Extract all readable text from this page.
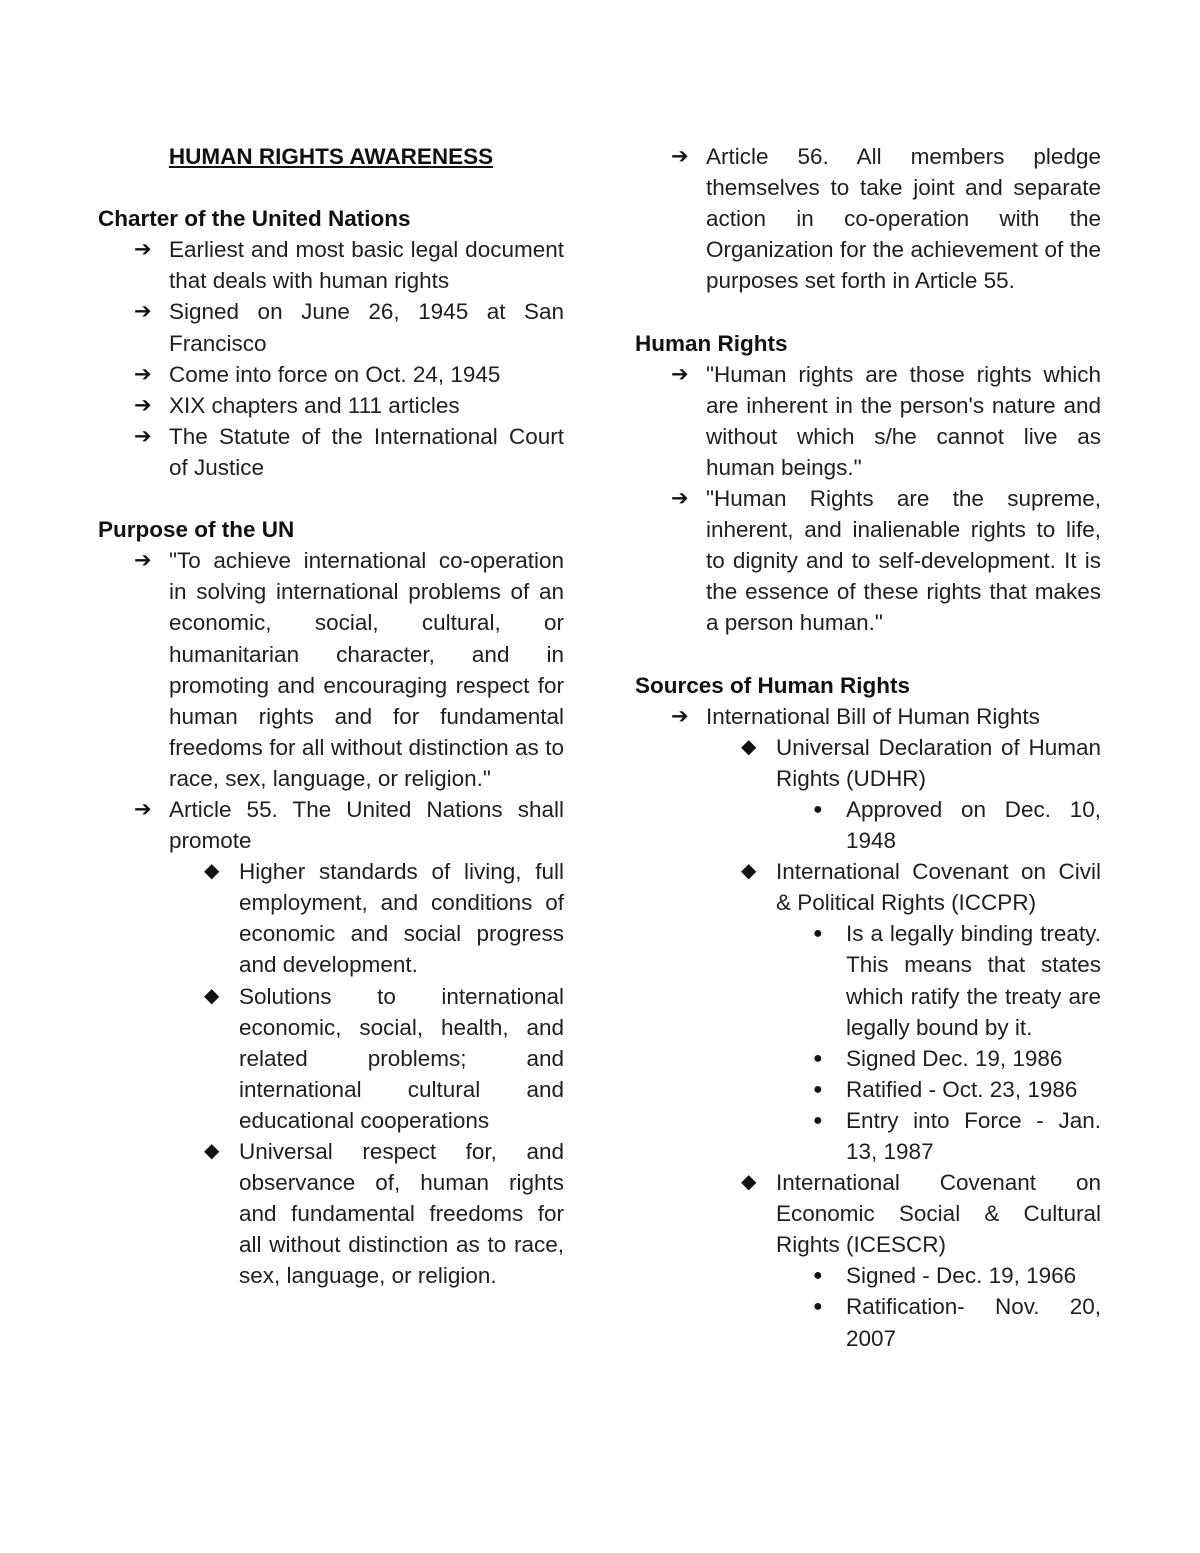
HUMAN RIGHTS AWARENESS
Charter of the United Nations
➔ Earliest and most basic legal document that deals with human rights
➔ Signed on June 26, 1945 at San Francisco
➔ Come into force on Oct. 24, 1945
➔ XIX chapters and 111 articles
➔ The Statute of the International Court of Justice
Purpose of the UN
➔ "To achieve international co-operation in solving international problems of an economic, social, cultural, or humanitarian character, and in promoting and encouraging respect for human rights and for fundamental freedoms for all without distinction as to race, sex, language, or religion."
➔ Article 55. The United Nations shall promote
◆ Higher standards of living, full employment, and conditions of economic and social progress and development.
◆ Solutions to international economic, social, health, and related problems; and international cultural and educational cooperations
◆ Universal respect for, and observance of, human rights and fundamental freedoms for all without distinction as to race, sex, language, or religion.
➔ Article 56. All members pledge themselves to take joint and separate action in co-operation with the Organization for the achievement of the purposes set forth in Article 55.
Human Rights
➔ "Human rights are those rights which are inherent in the person's nature and without which s/he cannot live as human beings."
➔ "Human Rights are the supreme, inherent, and inalienable rights to life, to dignity and to self-development. It is the essence of these rights that makes a person human."
Sources of Human Rights
➔ International Bill of Human Rights
◆ Universal Declaration of Human Rights (UDHR)
● Approved on Dec. 10, 1948
◆ International Covenant on Civil & Political Rights (ICCPR)
● Is a legally binding treaty. This means that states which ratify the treaty are legally bound by it.
● Signed Dec. 19, 1986
● Ratified - Oct. 23, 1986
● Entry into Force - Jan. 13, 1987
◆ International Covenant on Economic Social & Cultural Rights (ICESCR)
● Signed - Dec. 19, 1966
● Ratification- Nov. 20, 2007
